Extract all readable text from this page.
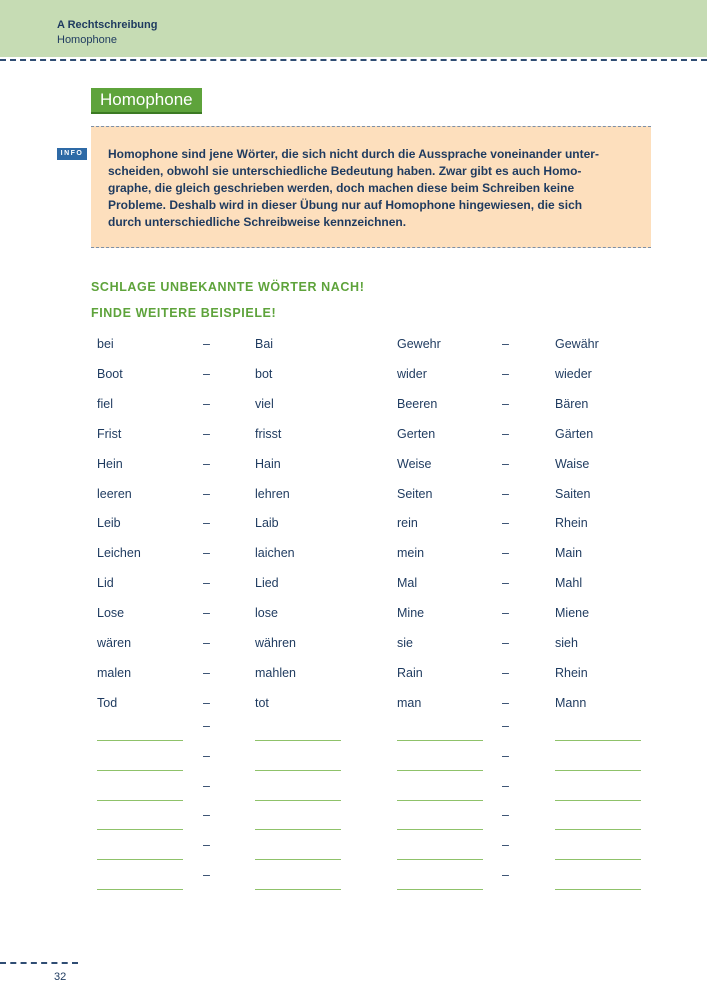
A Rechtschreibung
Homophone
Homophone
INFO	Homophone sind jene Wörter, die sich nicht durch die Aussprache voneinander unter-
scheiden, obwohl sie unterschiedliche Bedeutung haben. Zwar gibt es auch Homo-
graphe, die gleich geschrieben werden, doch machen diese beim Schreiben keine
Probleme. Deshalb wird in dieser Übung nur auf Homophone hingewiesen, die sich
durch unterschiedliche Schreibweise kennzeichnen.

SCHLAGE UNBEKANNTE WÖRTER NACH!
FINDE WEITERE BEISPIELE!
bei	–	Bai	Gewehr	–	Gewähr
Boot	–	bot	wider	–	wieder
fiel	–	viel	Beeren	–	Bären
Frist	–	frisst	Gerten	–	Gärten
Hein	–	Hain	Weise	–	Waise
leeren	–	lehren	Seiten	–	Saiten
Leib	–	Laib	rein	–	Rhein
Leichen	–	laichen	mein	–	Main
Lid	–	Lied	Mal	–	Mahl
Lose	–	lose	Mine	–	Miene
wären	–	währen	sie	–	sieh
malen	–	mahlen	Rain	–	Rhein
Tod	–	tot	man	–	Mann
–	–
–	–
–	–
–	–
–	–
–	–
32
